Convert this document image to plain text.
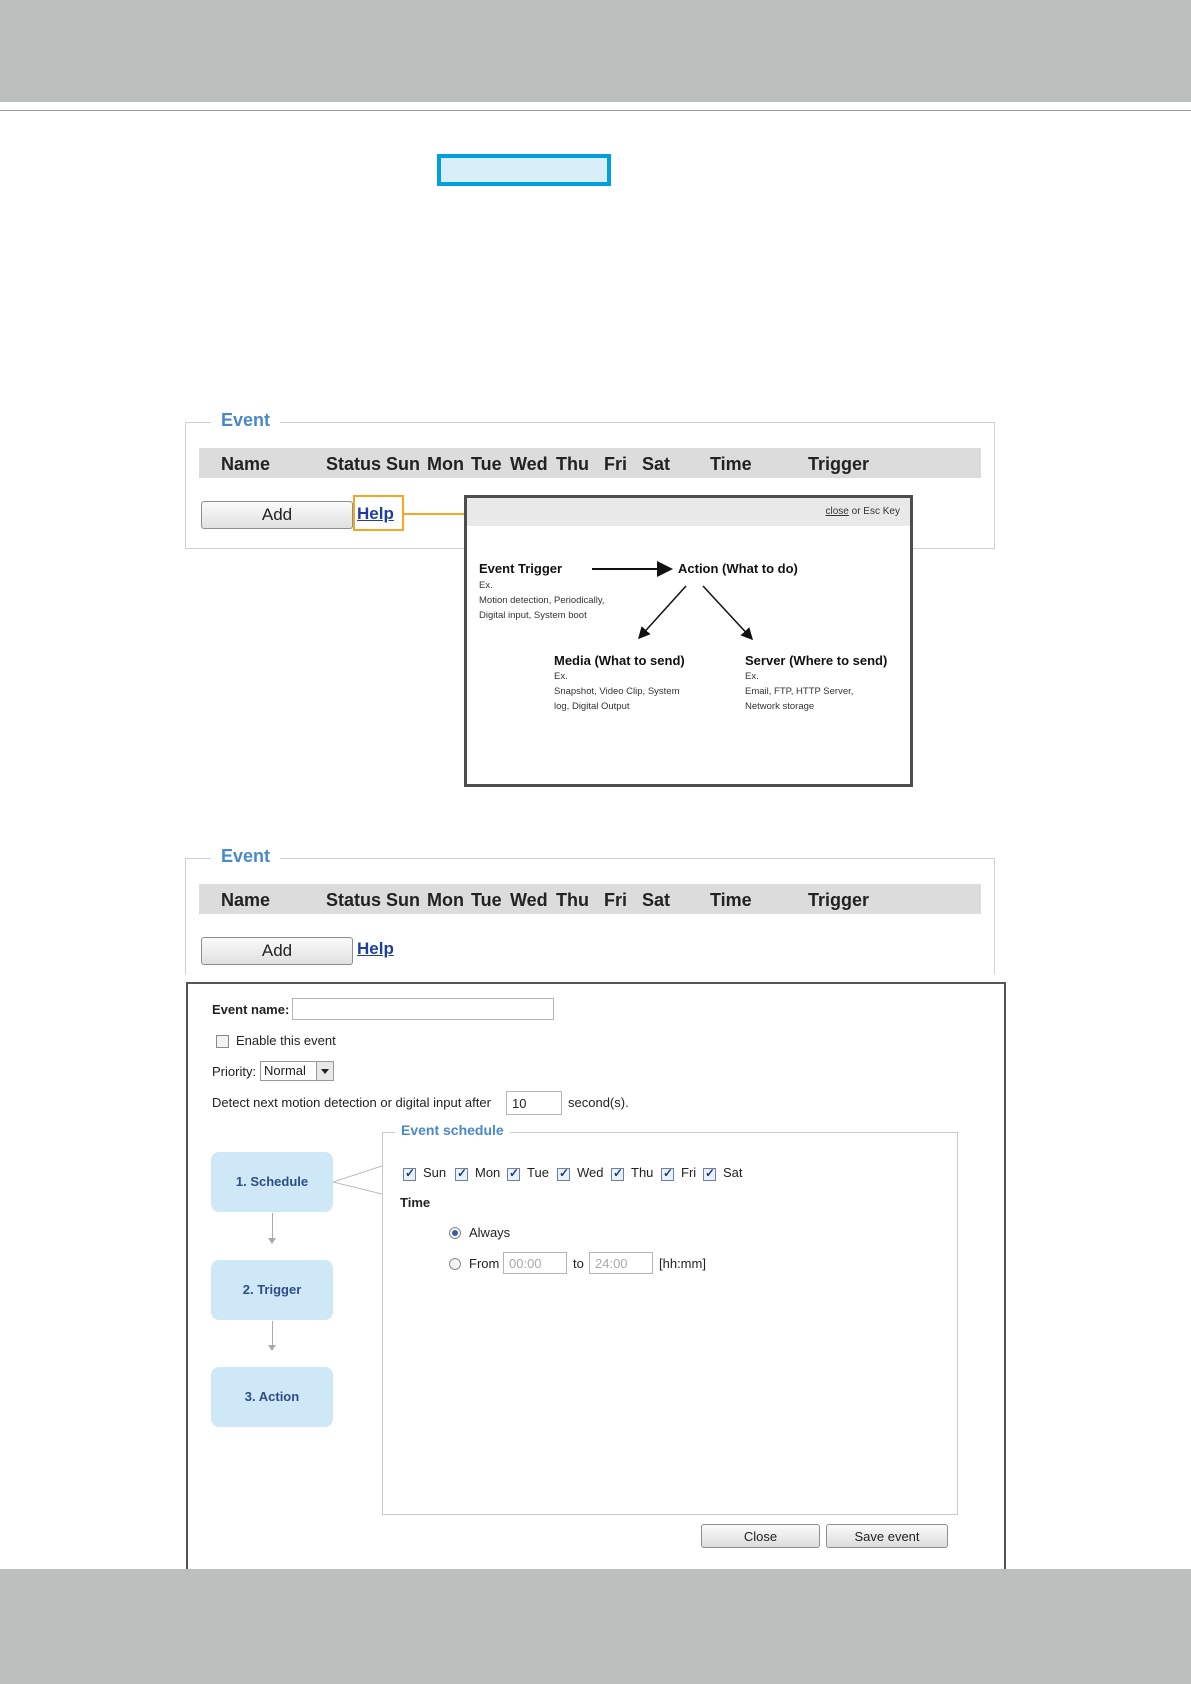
Event
Name	Status Sun Mon Tue Wed Thu Fri Sat Time	Trigger
Add	Help	close or Esc Key
Event Trigger
Ex.
Motion detection, Periodically,
Digital input, System boot
Action (What to do)
Media (What to send)
Ex.
Snapshot, Video Clip, System
log, Digital Output
Server (Where to send)
Ex.
Email, FTP, HTTP Server,
Network storage
Event
Name	Status Sun Mon Tue Wed Thu Fri Sat Time	Trigger
Add	Help
Event name:
Enable this event
Priority: Normal
Detect next motion detection or digital input after
10	second(s).
1. Schedule
2. Trigger
3. Action
Event schedule
✓
Sun ✓ Mon ✓ Tue ✓ Wed ✓ Thu ✓ Fri ✓ Sat
Time
Always
From
00:00	to
24:00	[hh:mm]
Close	Save event
